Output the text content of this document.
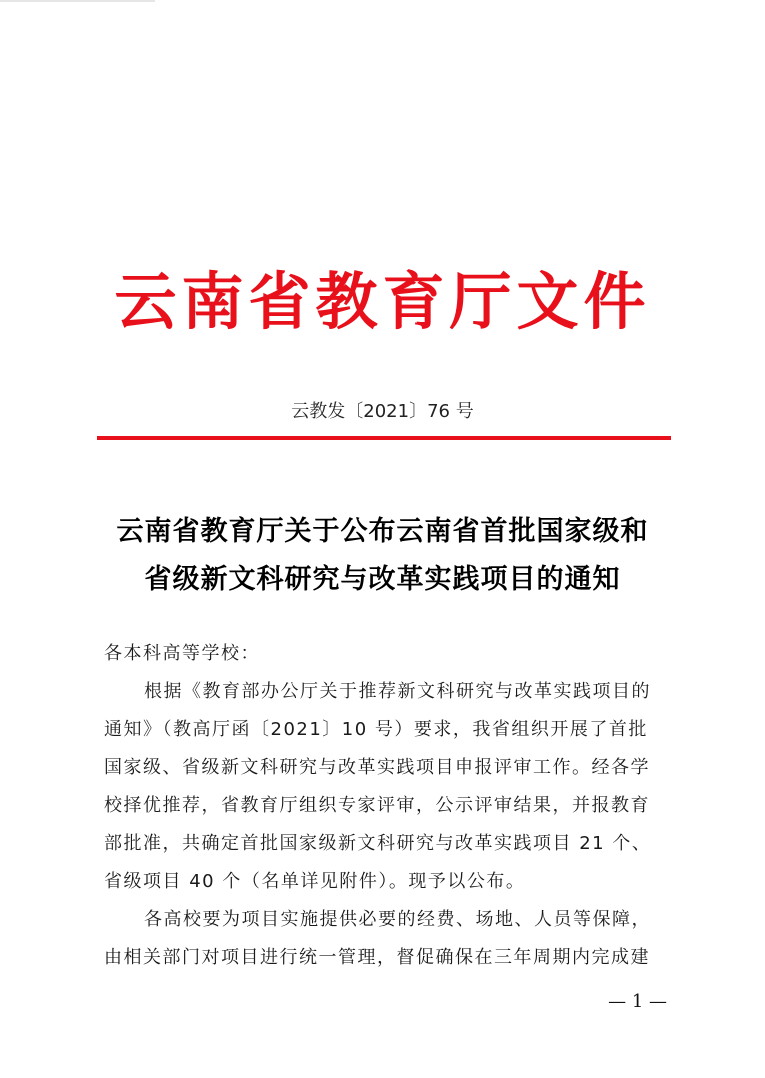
云南省教育厅文件
云教发〔2021〕76 号
云南省教育厅关于公布云南省首批国家级和
省级新文科研究与改革实践项目的通知
各本科高等学校：
根据《教育部办公厅关于推荐新文科研究与改革实践项目的
通知》（教高厅函〔2021〕10 号）要求，我省组织开展了首批
国家级、省级新文科研究与改革实践项目申报评审工作。经各学
校择优推荐，省教育厅组织专家评审，公示评审结果，并报教育
部批准，共确定首批国家级新文科研究与改革实践项目 21 个、
省级项目 40 个（名单详见附件）。现予以公布。
各高校要为项目实施提供必要的经费、场地、人员等保障，
由相关部门对项目进行统一管理，督促确保在三年周期内完成建
— 1 —
